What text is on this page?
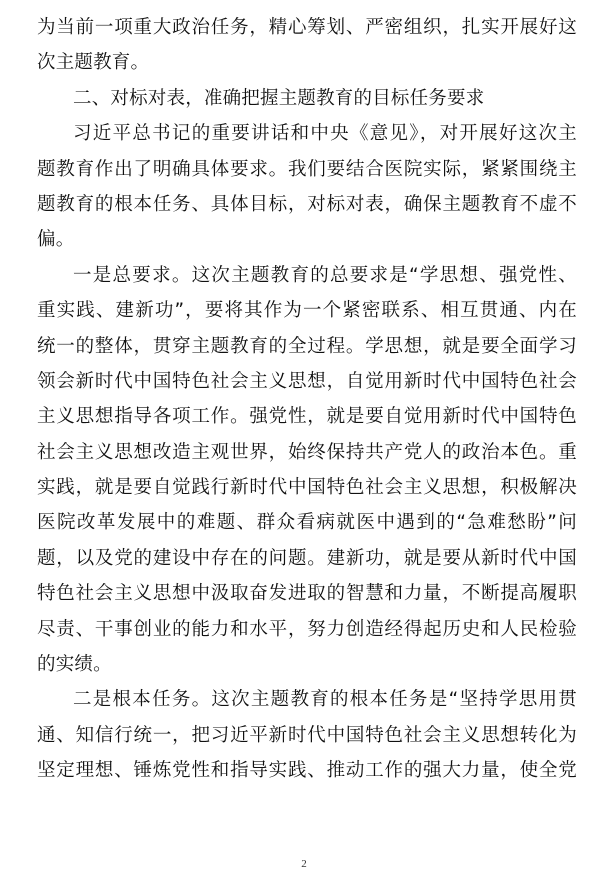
为当前一项重大政治任务，精心筹划、严密组织，扎实开展好这
次主题教育。
二、对标对表，准确把握主题教育的目标任务要求
习近平总书记的重要讲话和中央《意见》，对开展好这次主
题教育作出了明确具体要求。我们要结合医院实际，紧紧围绕主
题教育的根本任务、具体目标，对标对表，确保主题教育不虚不
偏。
一是总要求。这次主题教育的总要求是“学思想、强党性、
重实践、建新功”，要将其作为一个紧密联系、相互贯通、内在
统一的整体，贯穿主题教育的全过程。学思想，就是要全面学习
领会新时代中国特色社会主义思想，自觉用新时代中国特色社会
主义思想指导各项工作。强党性，就是要自觉用新时代中国特色
社会主义思想改造主观世界，始终保持共产党人的政治本色。重
实践，就是要自觉践行新时代中国特色社会主义思想，积极解决
医院改革发展中的难题、群众看病就医中遇到的“急难愁盼”问
题，以及党的建设中存在的问题。建新功，就是要从新时代中国
特色社会主义思想中汲取奋发进取的智慧和力量，不断提高履职
尽责、干事创业的能力和水平，努力创造经得起历史和人民检验
的实绩。
二是根本任务。这次主题教育的根本任务是“坚持学思用贯
通、知信行统一，把习近平新时代中国特色社会主义思想转化为
坚定理想、锤炼党性和指导实践、推动工作的强大力量，使全党
2
